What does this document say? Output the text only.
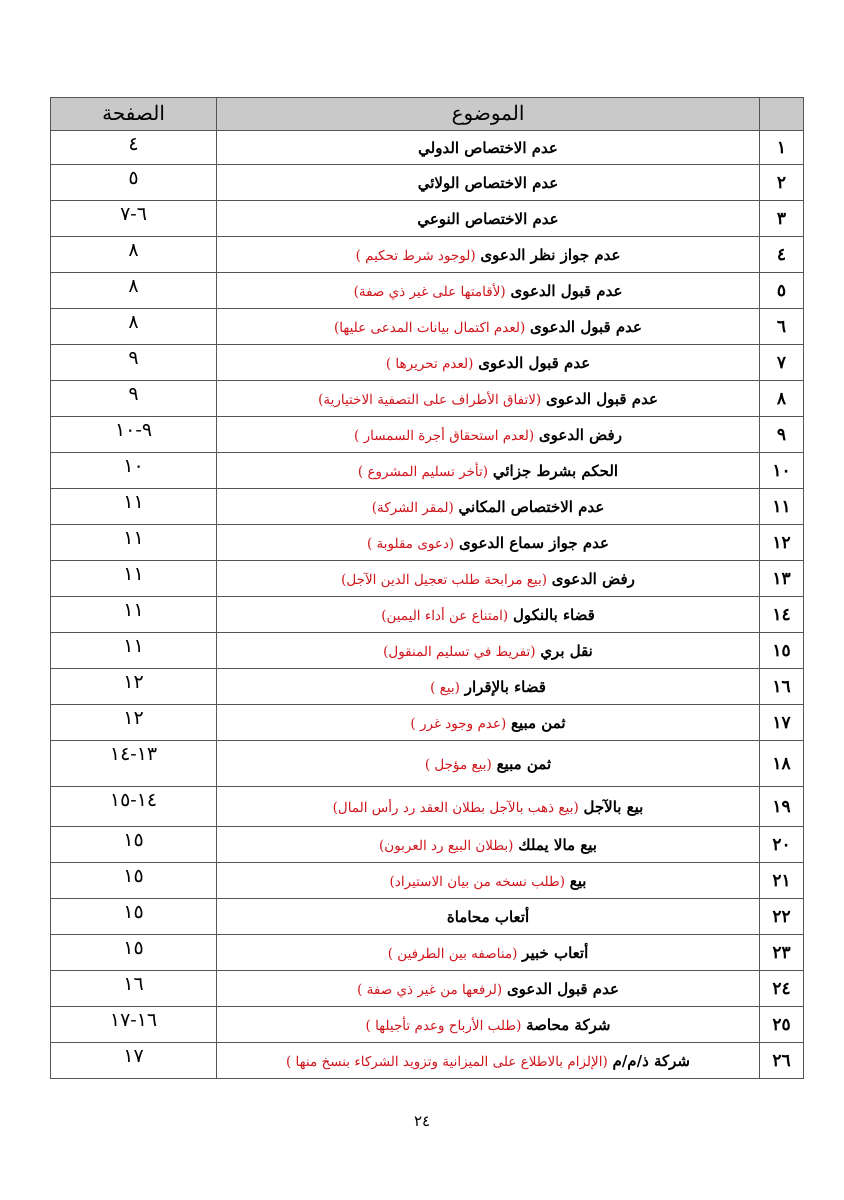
	الموضوع	الصفحة
١	عدم الاختصاص الدولي	٤
٢	عدم الاختصاص الولائي	٥
٣	عدم الاختصاص النوعي	٦-٧
٤	عدم جواز نظر الدعوى (لوجود شرط تحكيم )	٨
٥	عدم قبول الدعوى (لأقامتها على غير ذي صفة)	٨
٦	عدم قبول الدعوى (لعدم اكتمال بيانات المدعى عليها)	٨
٧	عدم قبول الدعوى (لعدم تحريرها )	٩
٨	عدم قبول الدعوى (لاتفاق الأطراف على التصفية الاختيارية)	٩
٩	رفض الدعوى (لعدم استحقاق أجرة السمسار )	٩-١٠
١٠	الحكم بشرط جزائي (تأخر تسليم المشروع )	١٠
١١	عدم الاختصاص المكاني (لمقر الشركة)	١١
١٢	عدم جواز سماع الدعوى (دعوى مقلوبة )	١١
١٣	رفض الدعوى (بيع مرابحة طلب تعجيل الدين الآجل)	١١
١٤	قضاء بالنكول (امتناع عن أداء اليمين)	١١
١٥	نقل بري (تفريط في تسليم المنقول)	١١
١٦	قضاء بالإقرار (بيع )	١٢
١٧	ثمن مبيع (عدم وجود غرر )	١٢
١٨	ثمن مبيع (بيع مؤجل )	١٣-١٤
١٩	بيع بالآجل (بيع ذهب بالآجل بطلان العقد رد رأس المال)	١٤-١٥
٢٠	بيع مالا يملك (بطلان البيع رد العربون)	١٥
٢١	بيع (طلب نسخه من بيان الاستيراد)	١٥
٢٢	أتعاب محاماة	١٥
٢٣	أتعاب خبير (مناصفه بين الطرفين )	١٥
٢٤	عدم قبول الدعوى (لرفعها من غير ذي صفة )	١٦
٢٥	شركة محاصة (طلب الأرباح وعدم تأجيلها )	١٦-١٧
٢٦	شركة ذ/م/م (الإلزام بالاطلاع على الميزانية وتزويد الشركاء بنسخ منها )	١٧
٢٤
